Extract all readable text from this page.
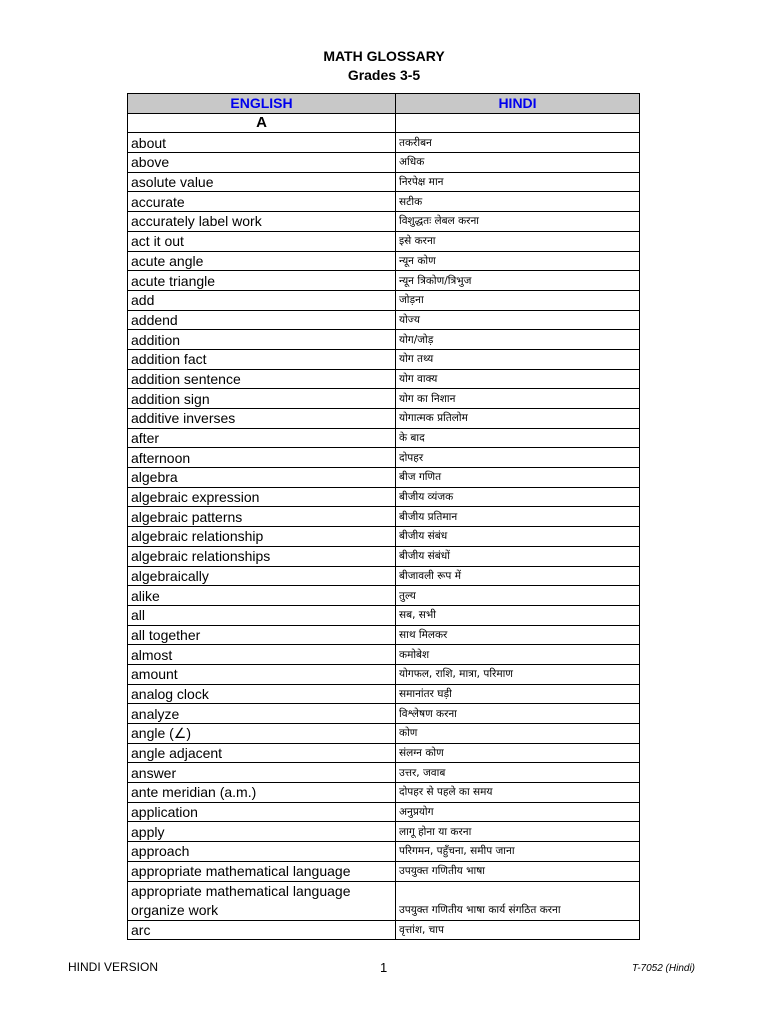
MATH GLOSSARY
Grades 3-5
ENGLISH	HINDI
A	
about	तकरीबन
above	अधिक
asolute value	निरपेक्ष मान
accurate	सटीक
accurately label work	विशुद्धतः लेबल करना
act it out	इसे करना
acute angle	न्यून कोण
acute triangle	न्यून त्रिकोण/त्रिभुज
add	जोड़ना
addend	योज्य
addition	योग/जोड़
addition fact	योग तथ्य
addition sentence	योग वाक्य
addition sign	योग का निशान
additive inverses	योगात्मक प्रतिलोम
after	के बाद
afternoon	दोपहर
algebra	बीज गणित
algebraic expression	बीजीय व्यंजक
algebraic patterns	बीजीय प्रतिमान
algebraic relationship	बीजीय संबंध
algebraic relationships	बीजीय संबंधों
algebraically	बीजावली रूप में
alike	तुल्य
all	सब, सभी
all together	साथ मिलकर
almost	कमोबेश
amount	योगफल, राशि, मात्रा, परिमाण
analog clock	समानांतर घड़ी
analyze	विश्लेषण करना
angle (∠)	कोण
angle adjacent	संलग्न कोण
answer	उत्तर, जवाब
ante meridian (a.m.)	दोपहर से पहले का समय
application	अनुप्रयोग
apply	लागू होना या करना
approach	परिगमन, पहुँचना, समीप जाना
appropriate mathematical language	उपयुक्त गणितीय भाषा

appropriate mathematical language
organize work	उपयुक्त गणितीय भाषा कार्य संगठित करना
arc	वृत्तांश, चाप
HINDI VERSION	1	T-7052 (Hindi)
